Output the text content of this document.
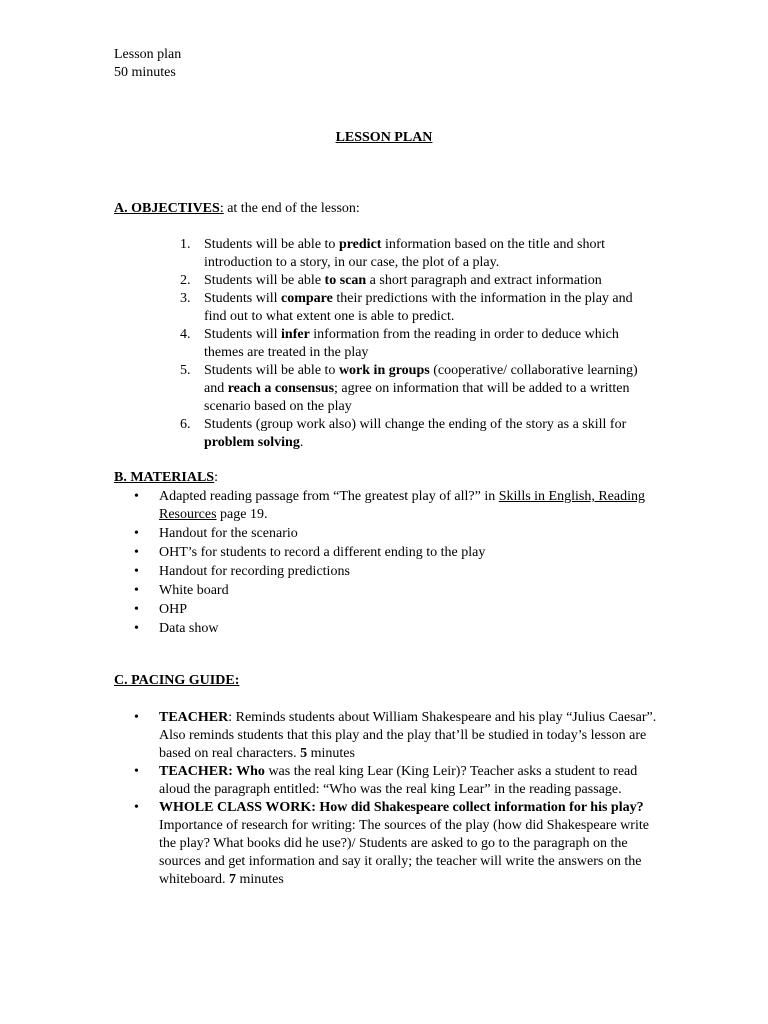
Lesson plan
50 minutes
LESSON PLAN
A. OBJECTIVES: at the end of the lesson:
1. Students will be able to predict information based on the title and short introduction to a story, in our case, the plot of a play.
2. Students will be able to scan a short paragraph and extract information
3. Students will compare their predictions with the information in the play and find out to what extent one is able to predict.
4. Students will infer information from the reading in order to deduce which themes are treated in the play
5. Students will be able to work in groups (cooperative/ collaborative learning) and reach a consensus; agree on information that will be added to a written scenario based on the play
6. Students (group work also) will change the ending of the story as a skill for problem solving.
B. MATERIALS:
• Adapted reading passage from “The greatest play of all?” in Skills in English, Reading Resources page 19.
• Handout for the scenario
• OHT’s for students to record a different ending to the play
• Handout for recording predictions
• White board
• OHP
• Data show
C. PACING GUIDE:
• TEACHER: Reminds students about William Shakespeare and his play “Julius Caesar”. Also reminds students that this play and the play that’ll be studied in today’s lesson are based on real characters. 5 minutes
• TEACHER: Who was the real king Lear (King Leir)? Teacher asks a student to read aloud the paragraph entitled: “Who was the real king Lear” in the reading passage.
• WHOLE CLASS WORK: How did Shakespeare collect information for his play? Importance of research for writing: The sources of the play (how did Shakespeare write the play? What books did he use?)/ Students are asked to go to the paragraph on the sources and get information and say it orally; the teacher will write the answers on the whiteboard. 7 minutes
